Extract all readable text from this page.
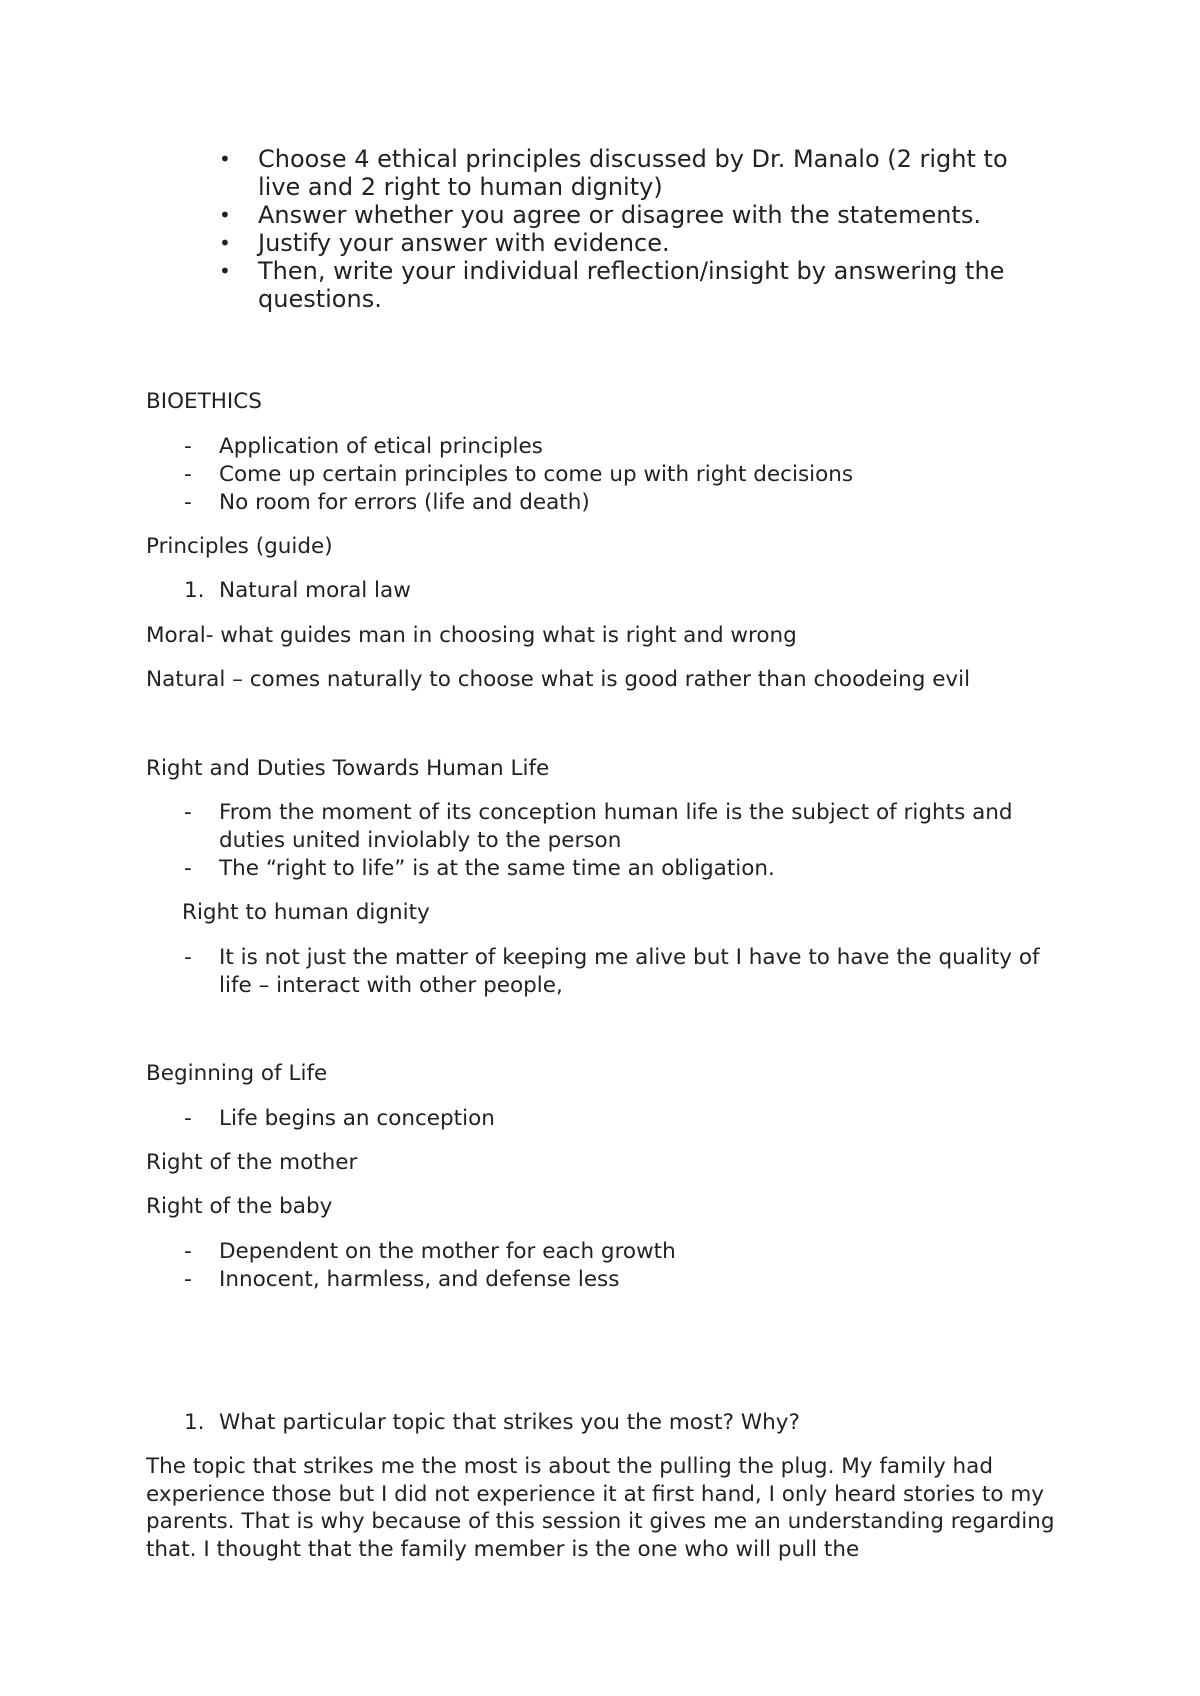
• Choose 4 ethical principles discussed by Dr. Manalo (2 right to live and 2 right to human dignity)
• Answer whether you agree or disagree with the statements.
• Justify your answer with evidence.
• Then, write your individual reflection/insight by answering the questions.
BIOETHICS
- Application of etical principles
- Come up certain principles to come up with right decisions
- No room for errors (life and death)
Principles (guide)
1. Natural moral law
Moral- what guides man in choosing what is right and wrong
Natural – comes naturally to choose what is good rather than choodeing evil
Right and Duties Towards Human Life
- From the moment of its conception human life is the subject of rights and duties united inviolably to the person
- The “right to life” is at the same time an obligation.
Right to human dignity
- It is not just the matter of keeping me alive but I have to have the quality of life – interact with other people,
Beginning of Life
- Life begins an conception
Right of the mother
Right of the baby
- Dependent on the mother for each growth
- Innocent, harmless, and defense less
1. What particular topic that strikes you the most? Why?
The topic that strikes me the most is about the pulling the plug. My family had experience those but I did not experience it at first hand, I only heard stories to my parents. That is why because of this session it gives me an understanding regarding that. I thought that the family member is the one who will pull the
